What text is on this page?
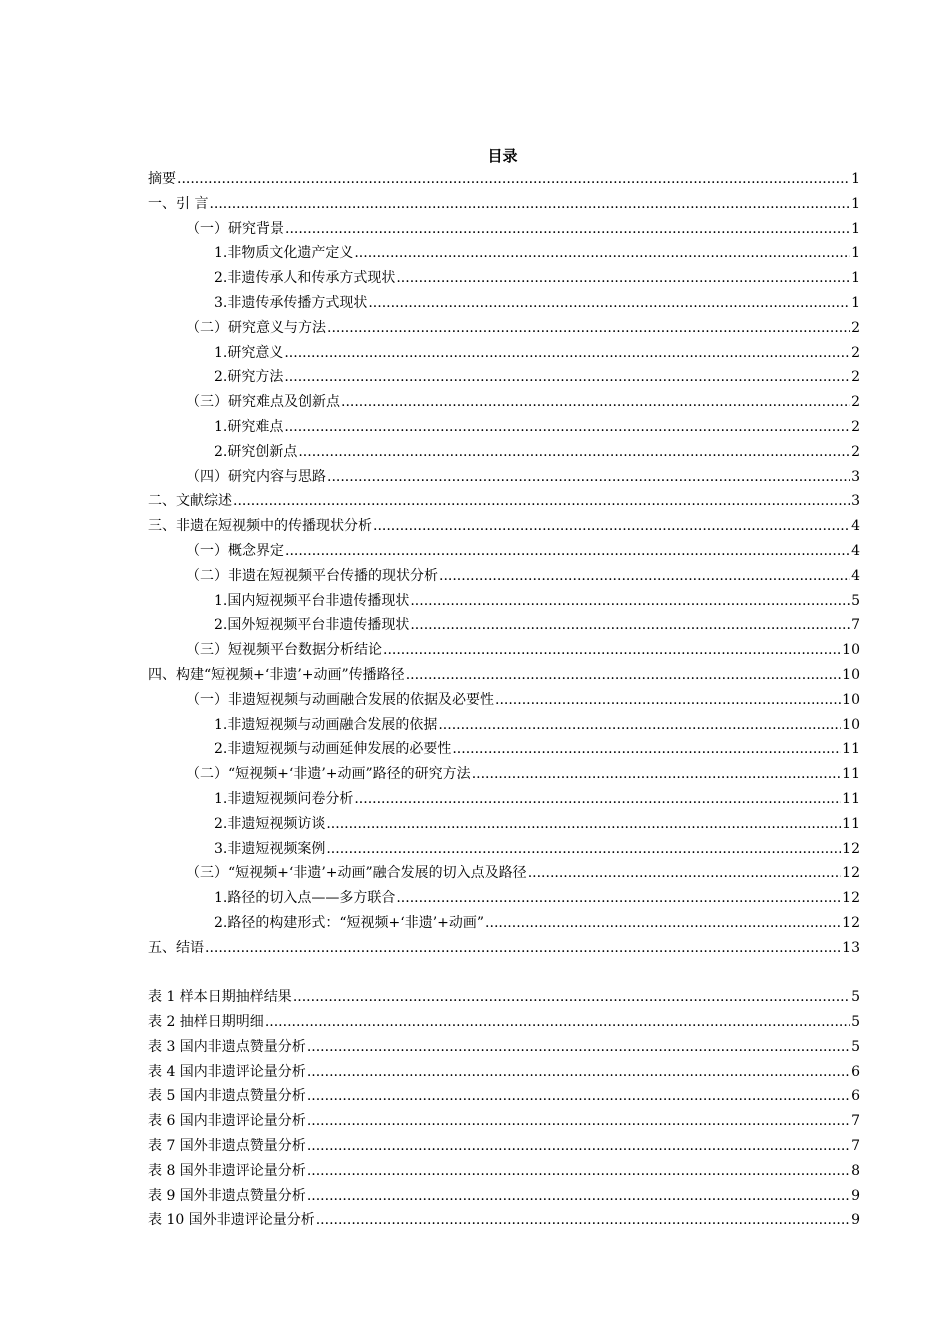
目录
摘要 .....	1
一、引 言 .....	1
（一）研究背景 .....	1
1.非物质文化遗产定义 .....	1
2.非遗传承人和传承方式现状 .....	1
3.非遗传承传播方式现状 .....	1
（二）研究意义与方法 .....	2
1.研究意义 .....	2
2.研究方法 .....	2
（三）研究难点及创新点 .....	2
1.研究难点 .....	2
2.研究创新点 .....	2
（四）研究内容与思路 .....	3
二、文献综述 .....	3
三、非遗在短视频中的传播现状分析 .....	4
（一）概念界定 .....	4
（二）非遗在短视频平台传播的现状分析 .....	4
1.国内短视频平台非遗传播现状 .....	5
2.国外短视频平台非遗传播现状 .....	7
（三）短视频平台数据分析结论 .....	10
四、构建“短视频+‘非遗’+动画”传播路径 .....	10
（一）非遗短视频与动画融合发展的依据及必要性 .....	10
1.非遗短视频与动画融合发展的依据 .....	10
2.非遗短视频与动画延伸发展的必要性 .....	11
（二）“短视频+‘非遗’+动画”路径的研究方法 .....	11
1.非遗短视频问卷分析 .....	11
2.非遗短视频访谈 .....	11
3.非遗短视频案例 .....	12
（三）“短视频+‘非遗’+动画”融合发展的切入点及路径 .....	12
1.路径的切入点——多方联合 .....	12
2.路径的构建形式：“短视频+‘非遗’+动画” .....	12
五、结语 .....	13
表 1 样本日期抽样结果 .....	5
表 2 抽样日期明细 .....	5
表 3 国内非遗点赞量分析 .....	5
表 4 国内非遗评论量分析 .....	6
表 5 国内非遗点赞量分析 .....	6
表 6 国内非遗评论量分析 .....	7
表 7 国外非遗点赞量分析 .....	7
表 8 国外非遗评论量分析 .....	8
表 9 国外非遗点赞量分析 .....	9
表 10 国外非遗评论量分析 .....	9
